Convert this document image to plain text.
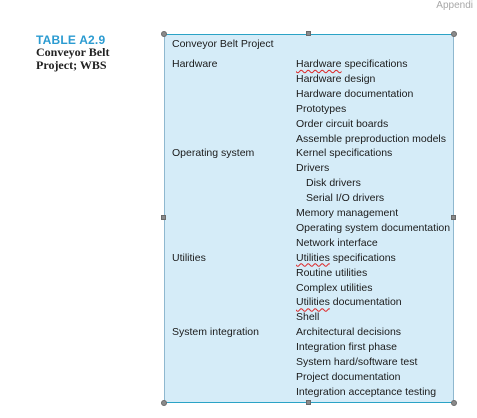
Appendi
TABLE A2.9
Conveyor Belt Project; WBS
Conveyor Belt Project
Hardware	Hardware specifications
Hardware design
Hardware documentation
Prototypes
Order circuit boards
Assemble preproduction models
Operating system	Kernel specifications
Drivers
Disk drivers
Serial I/O drivers
Memory management
Operating system documentation
Network interface
Utilities	Utilities specifications
Routine utilities
Complex utilities
Utilities documentation
Shell
System integration	Architectural decisions
Integration first phase
System hard/software test
Project documentation
Integration acceptance testing
